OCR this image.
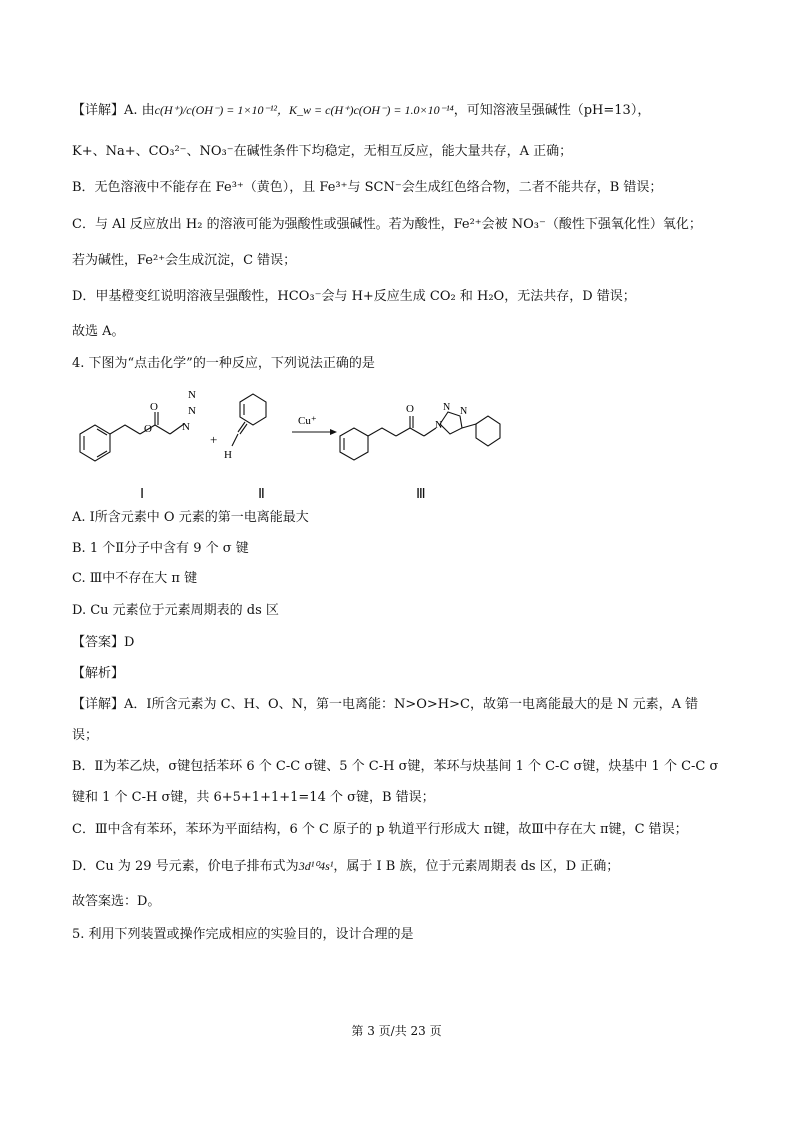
【详解】A. 由c(H⁺)/c(OH⁻) = 1×10⁻¹²，K_w = c(H⁺)c(OH⁻) = 1.0×10⁻¹⁴，可知溶液呈强碱性（pH=13），
K+、Na+、CO₃²⁻、NO₃⁻在碱性条件下均稳定，无相互反应，能大量共存，A 正确；
B．无色溶液中不能存在 Fe³⁺（黄色），且 Fe³⁺与 SCN⁻会生成红色络合物，二者不能共存，B 错误；
C．与 Al 反应放出 H₂ 的溶液可能为强酸性或强碱性。若为酸性，Fe²⁺会被 NO₃⁻（酸性下强氧化性）氧化；
若为碱性，Fe²⁺会生成沉淀，C 错误；
D．甲基橙变红说明溶液呈强酸性，HCO₃⁻会与 H+反应生成 CO₂ 和 H₂O，无法共存，D 错误；
故选 A。
4. 下图为“点击化学”的一种反应，下列说法正确的是
O
O	N
N
N
+
H
Cu⁺
O
N
N N
Ⅰ	Ⅱ	Ⅲ
A. Ⅰ所含元素中 O 元素的第一电离能最大
B. 1 个Ⅱ分子中含有 9 个 σ 键
C. Ⅲ中不存在大 π 键
D. Cu 元素位于元素周期表的 ds 区
【答案】D
【解析】
【详解】A．Ⅰ所含元素为 C、H、O、N，第一电离能：N>O>H>C，故第一电离能最大的是 N 元素，A 错
误；
B．Ⅱ为苯乙炔，σ键包括苯环 6 个 C-C σ键、5 个 C-H σ键，苯环与炔基间 1 个 C-C σ键，炔基中 1 个 C-C σ
键和 1 个 C-H σ键，共 6+5+1+1+1=14 个 σ键，B 错误；
C．Ⅲ中含有苯环，苯环为平面结构，6 个 C 原子的 p 轨道平行形成大 π键，故Ⅲ中存在大 π键，C 错误；
D．Cu 为 29 号元素，价电子排布式为3d¹⁰4s¹，属于 I B 族，位于元素周期表 ds 区，D 正确；
故答案选：D。
5. 利用下列装置或操作完成相应的实验目的，设计合理的是
第 3 页/共 23 页
